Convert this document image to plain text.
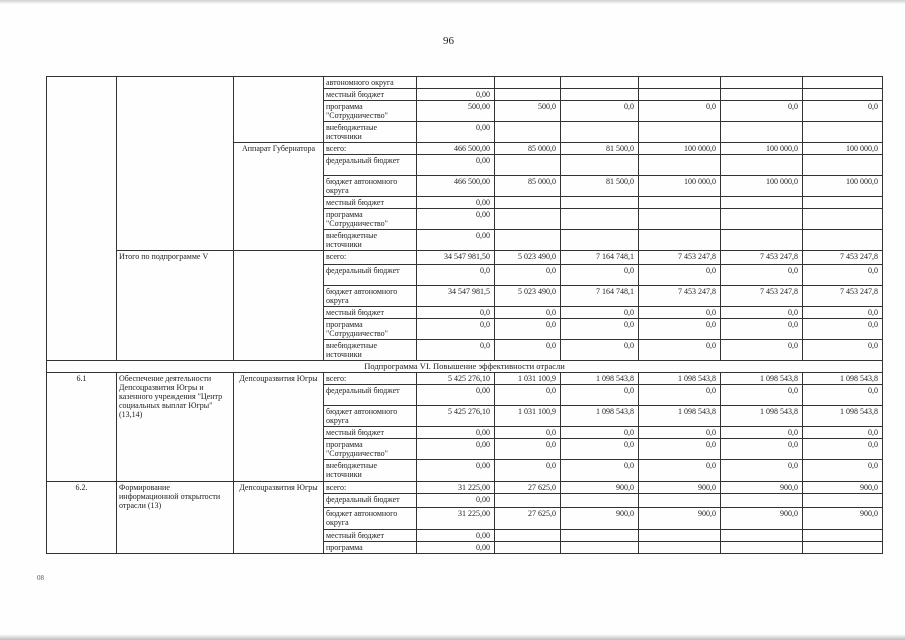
96
			автономного округа						
			местный бюджет	0,00					
			программа "Сотрудничество"	500,00	500,0	0,0	0,0	0,0	0,0
			внебюджетные источники	0,00					
		Аппарат Губернатора	всего:	466 500,00	85 000,0	81 500,0	100 000,0	100 000,0	100 000,0
			федеральный бюджет	0,00					
			бюджет автономного округа	466 500,00	85 000,0	81 500,0	100 000,0	100 000,0	100 000,0
			местный бюджет	0,00					
			программа "Сотрудничество"	0,00					
			внебюджетные источники	0,00					
	Итого по подпрограмме V		всего:	34 547 981,50	5 023 490,0	7 164 748,1	7 453 247,8	7 453 247,8	7 453 247,8
			федеральный бюджет	0,0	0,0	0,0	0,0	0,0	0,0
			бюджет автономного округа	34 547 981,5	5 023 490,0	7 164 748,1	7 453 247,8	7 453 247,8	7 453 247,8
			местный бюджет	0,0	0,0	0,0	0,0	0,0	0,0
			программа "Сотрудничество"	0,0	0,0	0,0	0,0	0,0	0,0
			внебюджетные источники	0,0	0,0	0,0	0,0	0,0	0,0
Подпрограмма VI. Повышение эффективности отрасли									
6.1	Обеспечение деятельности Депсоцразвития Югры и казенного учреждения "Центр социальных выплат Югры" (13,14)	Депсоцразвития Югры	всего:	5 425 276,10	1 031 100,9	1 098 543,8	1 098 543,8	1 098 543,8	1 098 543,8
			федеральный бюджет	0,00	0,0	0,0	0,0	0,0	0,0
			бюджет автономного округа	5 425 276,10	1 031 100,9	1 098 543,8	1 098 543,8	1 098 543,8	1 098 543,8
			местный бюджет	0,00	0,0	0,0	0,0	0,0	0,0
			программа "Сотрудничество"	0,00	0,0	0,0	0,0	0,0	0,0
			внебюджетные источники	0,00	0,0	0,0	0,0	0,0	0,0
6.2.	Формирование информационной открытости отрасли (13)	Депсоцразвития Югры	всего:	31 225,00	27 625,0	900,0	900,0	900,0	900,0
			федеральный бюджет	0,00					
			бюджет автономного округа	31 225,00	27 625,0	900,0	900,0	900,0	900,0
			местный бюджет	0,00					
			программа	0,00					
08
